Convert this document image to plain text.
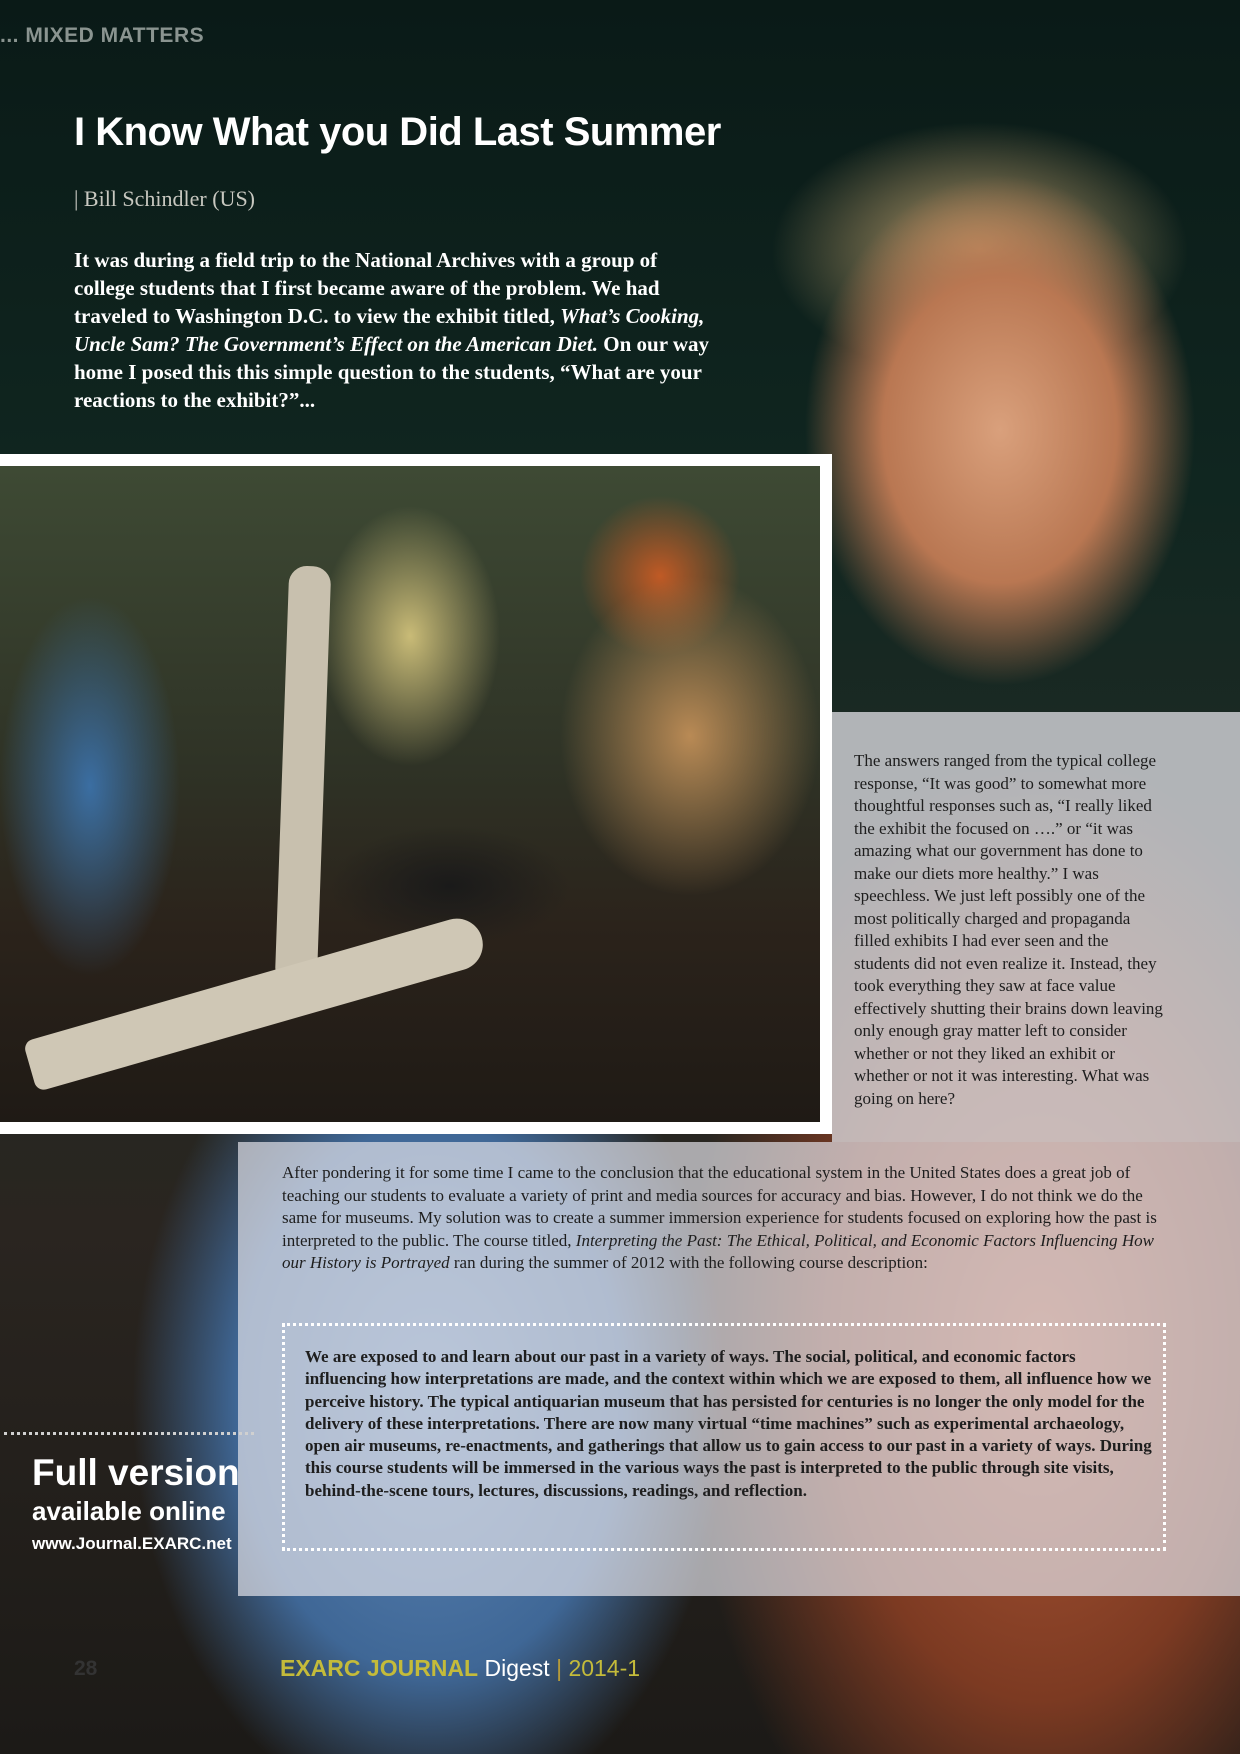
... MIXED MATTERS
I Know What you Did Last Summer
| Bill Schindler (US)

It was during a field trip to the National Archives with a group of college students that I first became aware of the problem. We had traveled to Washington D.C. to view the exhibit titled, What’s Cooking, Uncle Sam? The Government’s Effect on the American Diet. On our way home I posed this this simple question to the students, “What are your reactions to the exhibit?”...

The answers ranged from the typical college response, “It was good” to somewhat more thoughtful responses such as, “I really liked the exhibit the focused on ….” or “it was amazing what our government has done to make our diets more healthy.” I was speechless. We just left possibly one of the most politically charged and propaganda filled exhibits I had ever seen and the students did not even realize it. Instead, they took everything they saw at face value effectively shutting their brains down leaving only enough gray matter left to consider whether or not they liked an exhibit or whether or not it was interesting. What was going on here?

After pondering it for some time I came to the conclusion that the educational system in the United States does a great job of teaching our students to evaluate a variety of print and media sources for accuracy and bias. However, I do not think we do the same for museums. My solution was to create a summer immersion experience for students focused on exploring how the past is interpreted to the public. The course titled, Interpreting the Past: The Ethical, Political, and Economic Factors Influencing How our History is Portrayed ran during the summer of 2012 with the following course description:

We are exposed to and learn about our past in a variety of ways. The social, political, and economic factors influencing how interpretations are made, and the context within which we are exposed to them, all influence how we perceive history. The typical antiquarian museum that has persisted for centuries is no longer the only model for the delivery of these interpretations. There are now many virtual “time machines” such as experimental archaeology, open air museums, re-enactments, and gatherings that allow us to gain access to our past in a variety of ways. During this course students will be immersed in the various ways the past is interpreted to the public through site visits, behind-the-scene tours, lectures, discussions, readings, and reflection.

Full version
available online
www.Journal.EXARC.net
28	EXARC JOURNAL Digest | 2014-1
